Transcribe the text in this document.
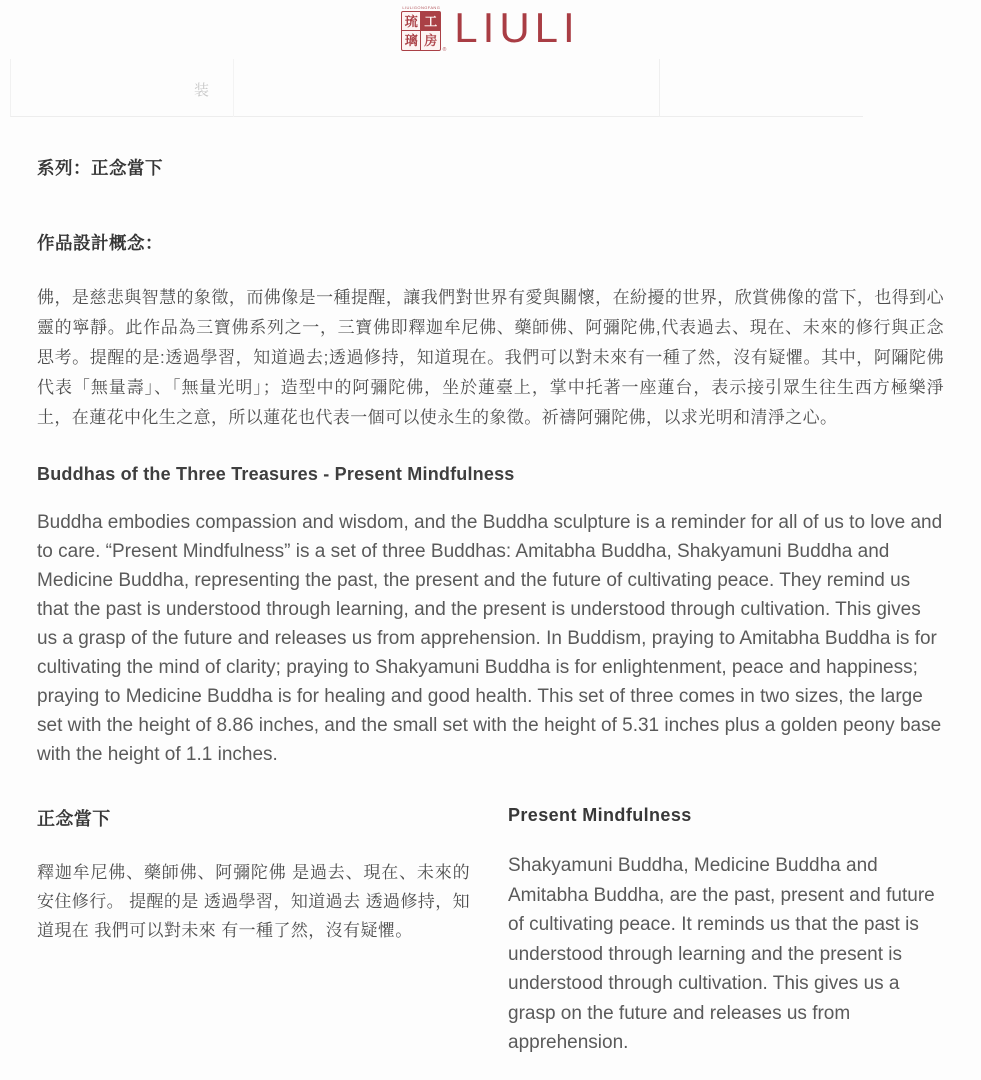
LIULIGONGFANG
琉 工
璃 房
® LIULI
装
系列：正念當下
作品設計概念：

佛，是慈悲與智慧的象徵，而佛像是一種提醒，讓我們對世界有愛與關懷，在紛擾的世界，欣賞佛像的當下，也得到心靈的寧靜。此作品為三寶佛系列之一，三寶佛即釋迦牟尼佛、藥師佛、阿彌陀佛,代表過去、現在、未來的修行與正念思考。提醒的是:透過學習，知道過去;透過修持，知道現在。我們可以對未來有一種了然，沒有疑懼。其中，阿隬陀佛代表「無量壽」、「無量光明」；造型中的阿彌陀佛，坐於蓮臺上，掌中托著一座蓮台，表示接引眾生往生西方極樂淨土，在蓮花中化生之意，所以蓮花也代表一個可以使永生的象徵。祈禱阿彌陀佛，以求光明和清淨之心。

Buddhas of the Three Treasures - Present Mindfulness

Buddha embodies compassion and wisdom, and the Buddha sculpture is a reminder for all of us to love and to care. “Present Mindfulness” is a set of three Buddhas: Amitabha Buddha, Shakyamuni Buddha and Medicine Buddha, representing the past, the present and the future of cultivating peace. They remind us that the past is understood through learning, and the present is understood through cultivation. This gives us a grasp of the future and releases us from apprehension. In Buddism, praying to Amitabha Buddha is for cultivating the mind of clarity; praying to Shakyamuni Buddha is for enlightenment, peace and happiness; praying to Medicine Buddha is for healing and good health. This set of three comes in two sizes, the large set with the height of 8.86 inches, and the small set with the height of 5.31 inches plus a golden peony base with the height of 1.1 inches.

正念當下

釋迦牟尼佛、藥師佛、阿彌陀佛 是過去、現在、未來的安住修行。 提醒的是 透過學習，知道過去 透過修持，知道現在 我們可以對未來 有一種了然，沒有疑懼。

Present Mindfulness

Shakyamuni Buddha, Medicine Buddha and Amitabha Buddha, are the past, present and future of cultivating peace. It reminds us that the past is understood through learning and the present is understood through cultivation. This gives us a grasp on the future and releases us from apprehension.
